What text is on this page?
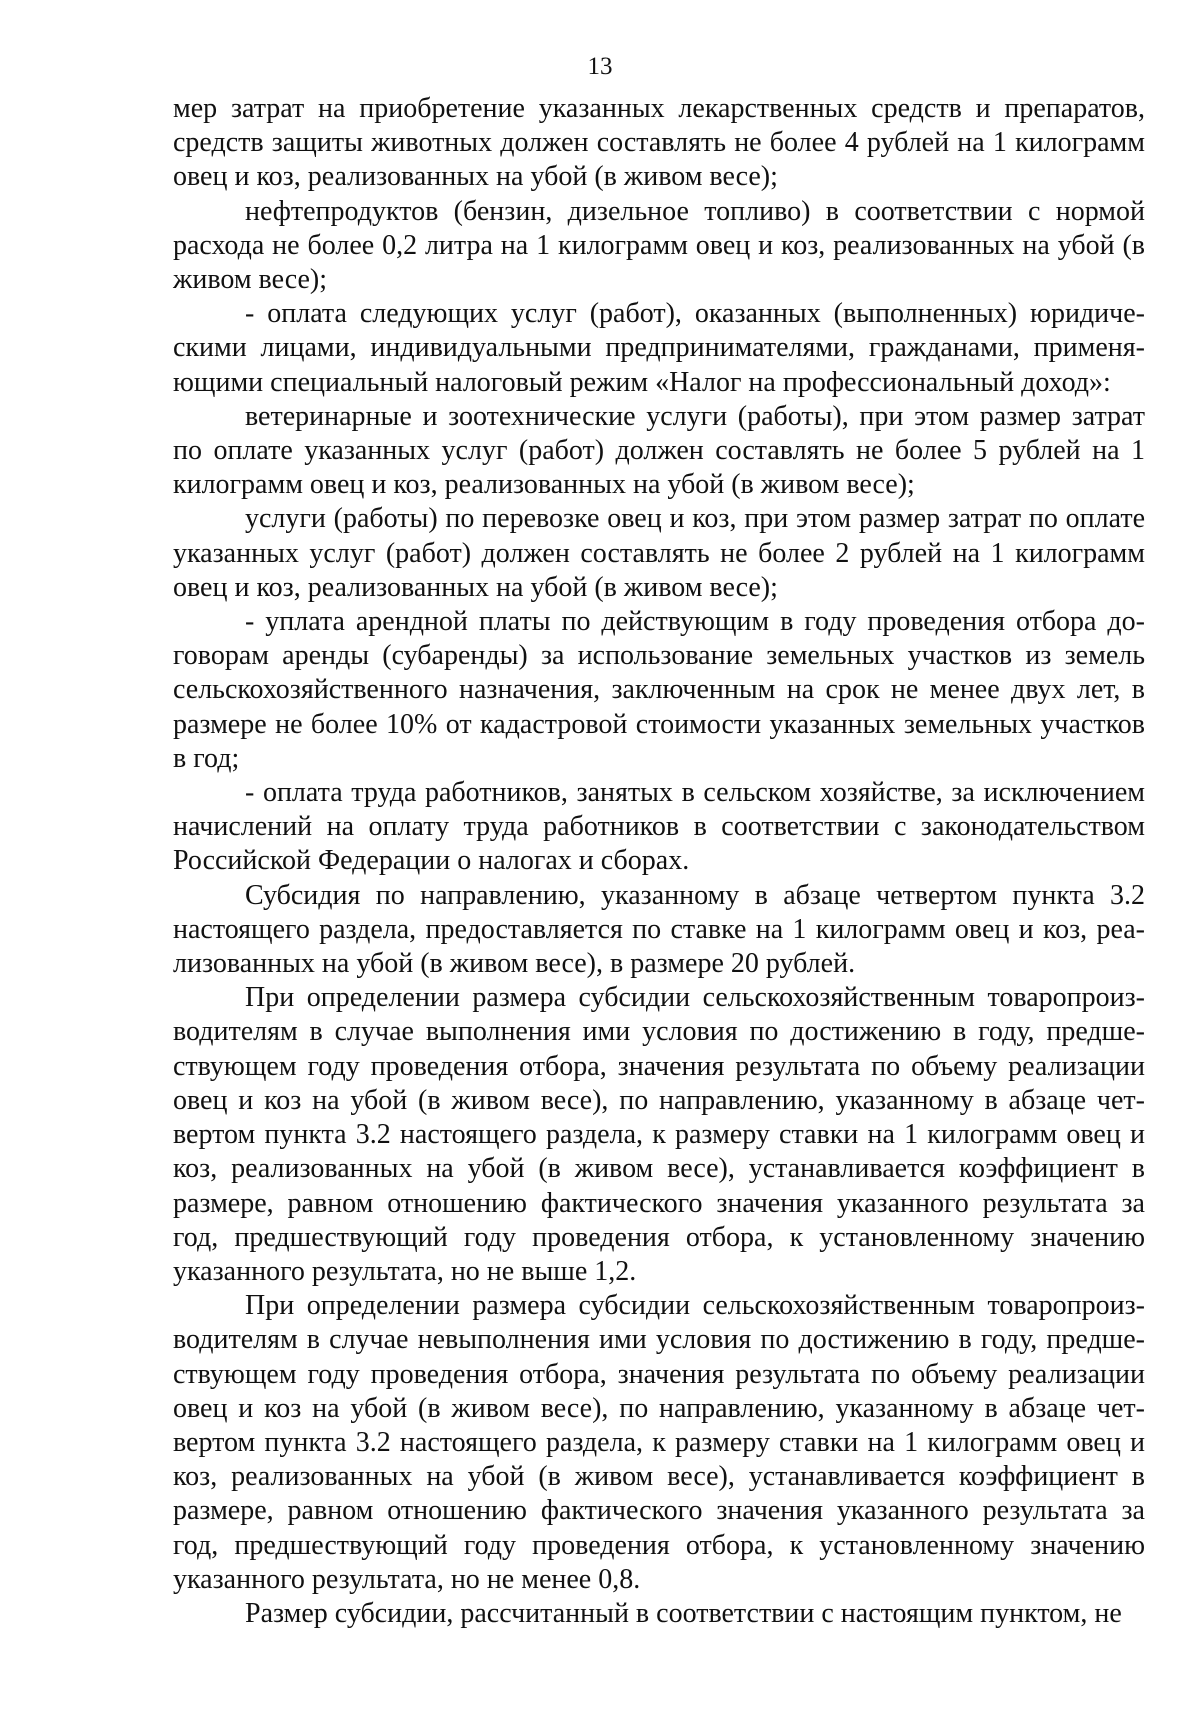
13

мер затрат на приобретение указанных лекарственных средств и препаратов, средств защиты животных должен составлять не более 4 рублей на 1 килограмм овец и коз, реализованных на убой (в живом весе);

нефтепродуктов (бензин, дизельное топливо) в соответствии с нормой расхода не более 0,2 литра на 1 килограмм овец и коз, реализованных на убой (в живом весе);

- оплата следующих услуг (работ), оказанных (выполненных) юридическими лицами, индивидуальными предпринимателями, гражданами, применяющими специальный налоговый режим «Налог на профессиональный доход»:

ветеринарные и зоотехнические услуги (работы), при этом размер затрат по оплате указанных услуг (работ) должен составлять не более 5 рублей на 1 килограмм овец и коз, реализованных на убой (в живом весе);

услуги (работы) по перевозке овец и коз, при этом размер затрат по оплате указанных услуг (работ) должен составлять не более 2 рублей на 1 килограмм овец и коз, реализованных на убой (в живом весе);

- уплата арендной платы по действующим в году проведения отбора договорам аренды (субаренды) за использование земельных участков из земель сельскохозяйственного назначения, заключенным на срок не менее двух лет, в размере не более 10% от кадастровой стоимости указанных земельных участков в год;

- оплата труда работников, занятых в сельском хозяйстве, за исключением начислений на оплату труда работников в соответствии с законодательством Российской Федерации о налогах и сборах.

Субсидия по направлению, указанному в абзаце четвертом пункта 3.2 настоящего раздела, предоставляется по ставке на 1 килограмм овец и коз, реализованных на убой (в живом весе), в размере 20 рублей.

При определении размера субсидии сельскохозяйственным товаропроизводителям в случае выполнения ими условия по достижению в году, предшествующем году проведения отбора, значения результата по объему реализации овец и коз на убой (в живом весе), по направлению, указанному в абзаце четвертом пункта 3.2 настоящего раздела, к размеру ставки на 1 килограмм овец и коз, реализованных на убой (в живом весе), устанавливается коэффициент в размере, равном отношению фактического значения указанного результата за год, предшествующий году проведения отбора, к установленному значению указанного результата, но не выше 1,2.

При определении размера субсидии сельскохозяйственным товаропроизводителям в случае невыполнения ими условия по достижению в году, предшествующем году проведения отбора, значения результата по объему реализации овец и коз на убой (в живом весе), по направлению, указанному в абзаце четвертом пункта 3.2 настоящего раздела, к размеру ставки на 1 килограмм овец и коз, реализованных на убой (в живом весе), устанавливается коэффициент в размере, равном отношению фактического значения указанного результата за год, предшествующий году проведения отбора, к установленному значению указанного результата, но не менее 0,8.

Размер субсидии, рассчитанный в соответствии с настоящим пунктом, не
